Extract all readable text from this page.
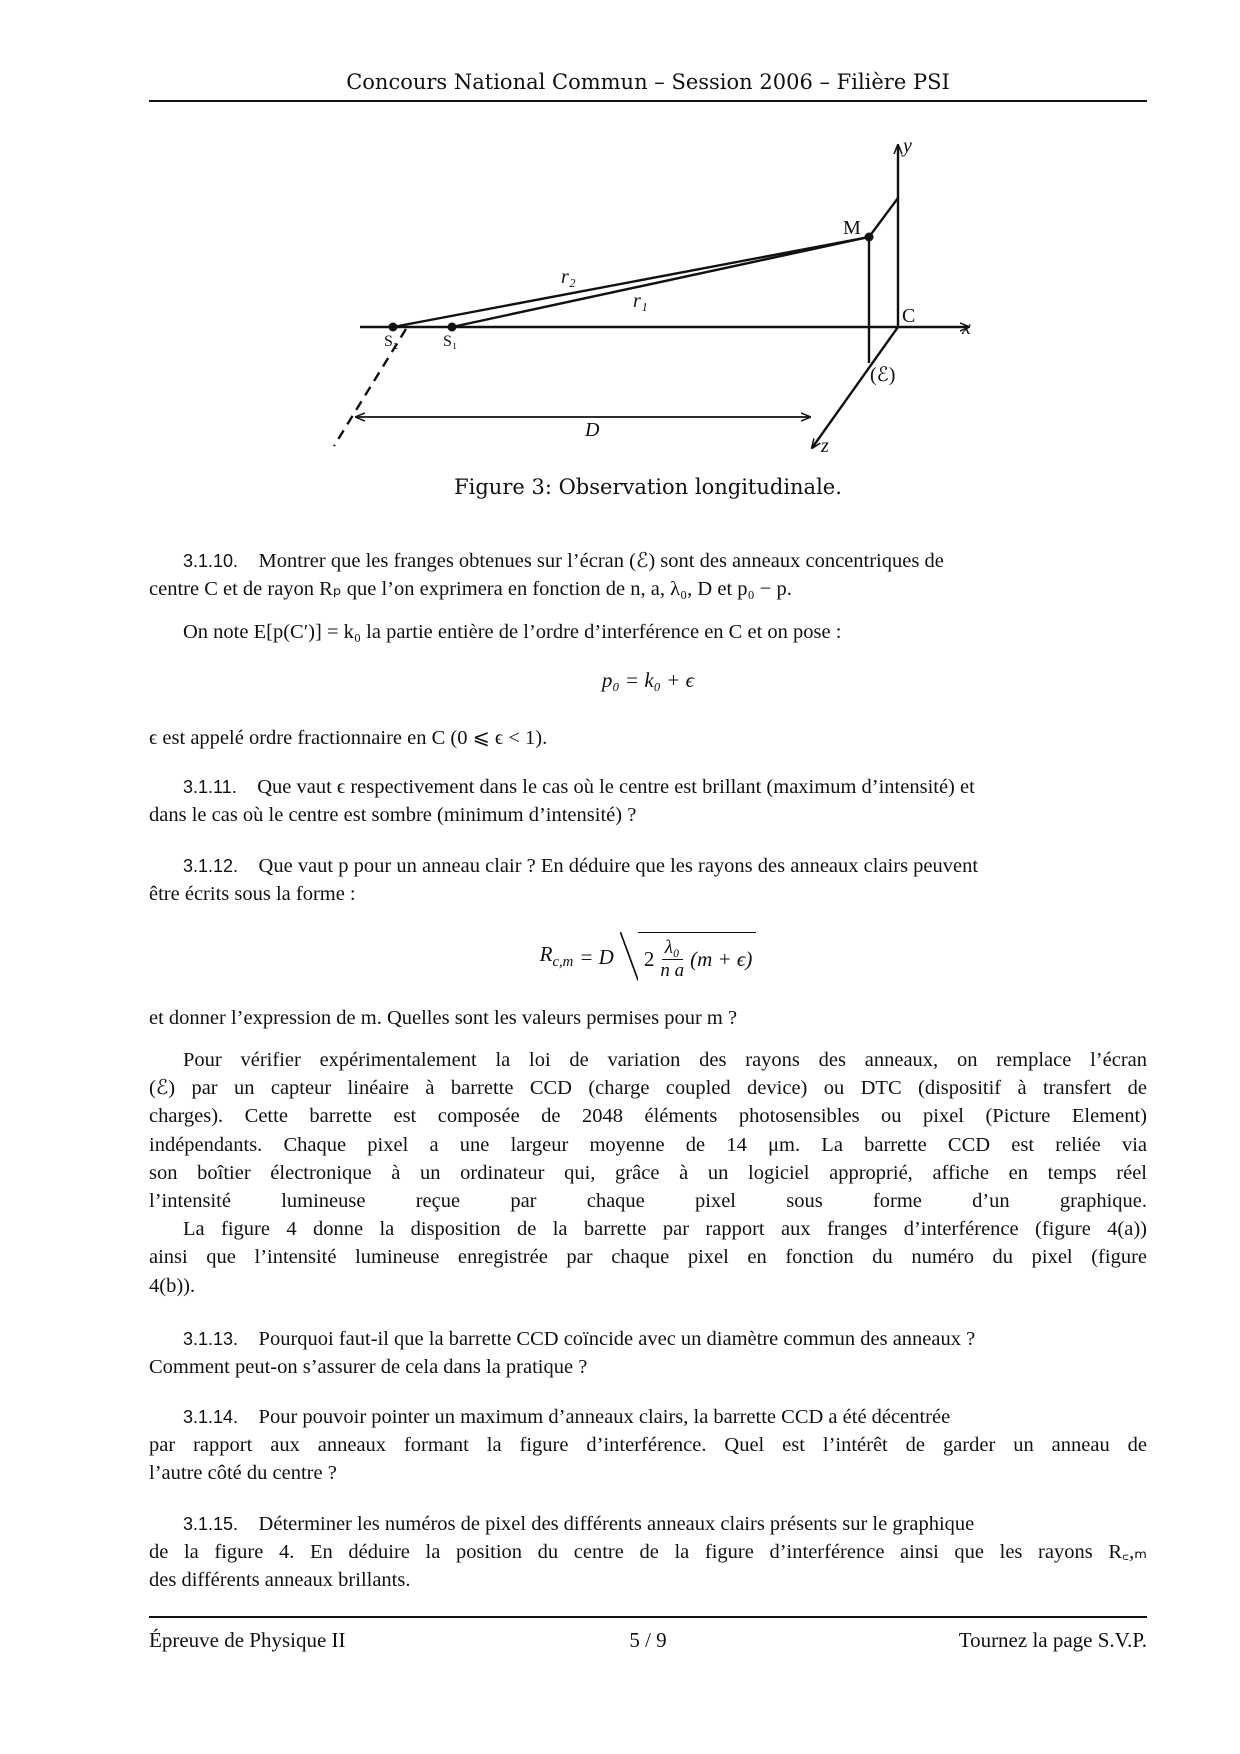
Concours National Commun – Session 2006 – Filière PSI
y
x
z
M
C
S₂	S₁
r₂
r₁
D
(ℰ)
Figure 3: Observation longitudinale.
3.1.10.  Montrer que les franges obtenues sur l’écran (ℰ) sont des anneaux concentriques de
centre C et de rayon Rₚ que l’on exprimera en fonction de n, a, λ₀, D et p₀ − p.
On note E[p(C′)] = k₀ la partie entière de l’ordre d’interférence en C et on pose :
ϵ est appelé ordre fractionnaire en C (0 ⩽ ϵ < 1).
3.1.11.  Que vaut ϵ respectivement dans le cas où le centre est brillant (maximum d’intensité) et
dans le cas où le centre est sombre (minimum d’intensité) ?
3.1.12.  Que vaut p pour un anneau clair ? En déduire que les rayons des anneaux clairs peuvent
être écrits sous la forme :
et donner l’expression de m. Quelles sont les valeurs permises pour m ?
Pour vérifier expérimentalement la loi de variation des rayons des anneaux, on remplace l’écran
(ℰ) par un capteur linéaire à barrette CCD (charge coupled device) ou DTC (dispositif à transfert de
charges). Cette barrette est composée de 2048 éléments photosensibles ou pixel (Picture Element)
indépendants. Chaque pixel a une largeur moyenne de 14 μm. La barrette CCD est reliée via
son boîtier électronique à un ordinateur qui, grâce à un logiciel approprié, affiche en temps réel
l’intensité lumineuse reçue par chaque pixel sous forme d’un graphique.
La figure 4 donne la disposition de la barrette par rapport aux franges d’interférence (figure 4(a))
ainsi que l’intensité lumineuse enregistrée par chaque pixel en fonction du numéro du pixel (figure
4(b)).
3.1.13.  Pourquoi faut-il que la barrette CCD coïncide avec un diamètre commun des anneaux ?
Comment peut-on s’assurer de cela dans la pratique ?
3.1.14.  Pour pouvoir pointer un maximum d’anneaux clairs, la barrette CCD a été décentrée
par rapport aux anneaux formant la figure d’interférence. Quel est l’intérêt de garder un anneau de
l’autre côté du centre ?
3.1.15.  Déterminer les numéros de pixel des différents anneaux clairs présents sur le graphique
de la figure 4. En déduire la position du centre de la figure d’interférence ainsi que les rayons R꜀,ₘ
des différents anneaux brillants.
p₀ = k₀ + ϵ
$R_{c,m} = D$ $2 \frac{\text{λ₀}}{\text{n a}} (m + \epsilon)$
Épreuve de Physique II	5 / 9	Tournez la page S.V.P.
